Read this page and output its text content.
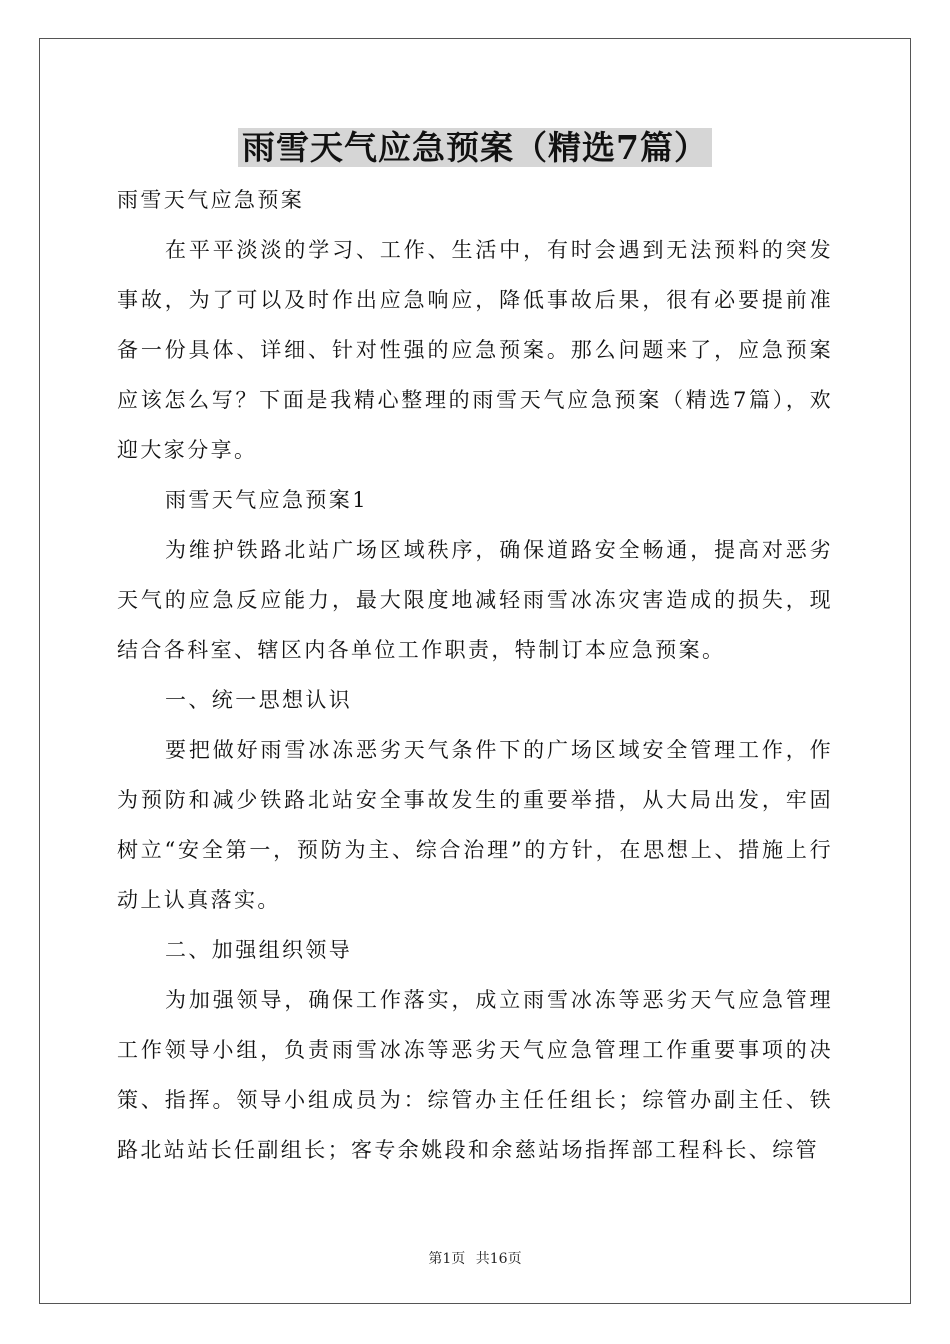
雨雪天气应急预案（精选7篇）

雨雪天气应急预案

在平平淡淡的学习、工作、生活中，有时会遇到无法预料的突发事故，为了可以及时作出应急响应，降低事故后果，很有必要提前准备一份具体、详细、针对性强的应急预案。那么问题来了，应急预案应该怎么写？下面是我精心整理的雨雪天气应急预案（精选7篇），欢迎大家分享。

雨雪天气应急预案1

为维护铁路北站广场区域秩序，确保道路安全畅通，提高对恶劣天气的应急反应能力，最大限度地减轻雨雪冰冻灾害造成的损失，现结合各科室、辖区内各单位工作职责，特制订本应急预案。

一、统一思想认识

要把做好雨雪冰冻恶劣天气条件下的广场区域安全管理工作，作为预防和减少铁路北站安全事故发生的重要举措，从大局出发，牢固树立“安全第一，预防为主、综合治理”的方针，在思想上、措施上行动上认真落实。

二、加强组织领导

为加强领导，确保工作落实，成立雨雪冰冻等恶劣天气应急管理工作领导小组，负责雨雪冰冻等恶劣天气应急管理工作重要事项的决策、指挥。领导小组成员为：综管办主任任组长；综管办副主任、铁路北站站长任副组长；客专余姚段和余慈站场指挥部工程科长、综管

第1页 共16页
